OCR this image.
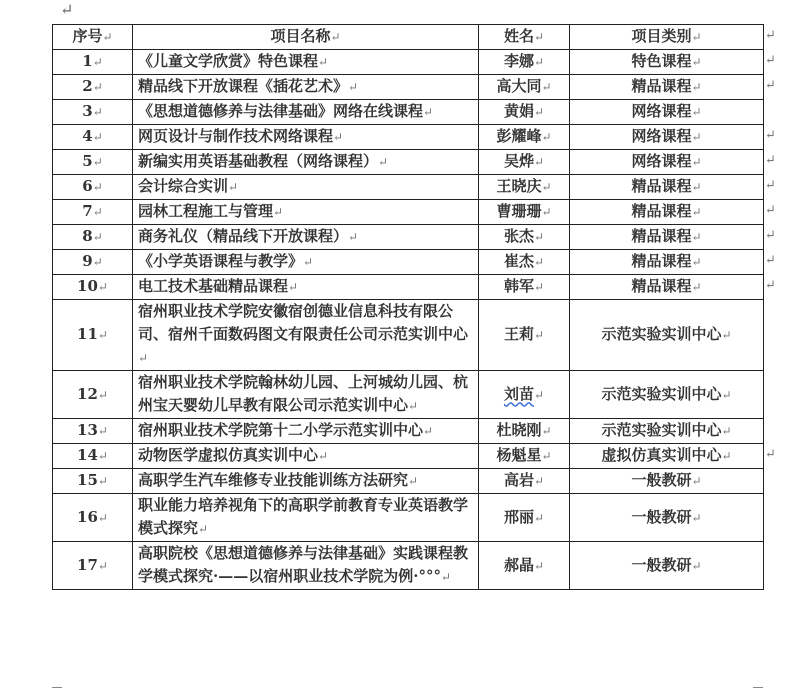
↵
序号↵	项目名称↵	姓名↵	项目类别↵
1↵	《儿童文学欣赏》特色课程↵	李娜↵	特色课程↵
2↵	精品线下开放课程《插花艺术》↵	高大同↵	精品课程↵
3↵	《思想道德修养与法律基础》网络在线课程↵	黄娟↵	网络课程↵
4↵	网页设计与制作技术网络课程↵	彭耀峰↵	网络课程↵
5↵	新编实用英语基础教程（网络课程）↵	吴烨↵	网络课程↵
6↵	会计综合实训↵	王晓庆↵	精品课程↵
7↵	园林工程施工与管理↵	曹珊珊↵	精品课程↵
8↵	商务礼仪（精品线下开放课程）↵	张杰↵	精品课程↵
9↵	《小学英语课程与教学》↵	崔杰↵	精品课程↵
10↵	电工技术基础精品课程↵	韩军↵	精品课程↵
11↵	宿州职业技术学院安徽宿创德业信息科技有限公司、宿州千面数码图文有限责任公司示范实训中心↵	王莉↵	示范实验实训中心↵
12↵	宿州职业技术学院翰林幼儿园、上河城幼儿园、杭州宝天婴幼儿早教有限公司示范实训中心↵	刘苗↵	示范实验实训中心↵
13↵	宿州职业技术学院第十二小学示范实训中心↵	杜晓刚↵	示范实验实训中心↵
14↵	动物医学虚拟仿真实训中心↵	杨魁星↵	虚拟仿真实训中心↵
15↵	高职学生汽车维修专业技能训练方法研究↵	高岩↵	一般教研↵
16↵	职业能力培养视角下的高职学前教育专业英语教学模式探究↵	邢丽↵	一般教研↵
17↵	高职院校《思想道德修养与法律基础》实践课程教学模式探究·——以宿州职业技术学院为例·°°°↵	郝晶↵	一般教研↵
↵
↵
↵
↵
↵
↵
↵
↵
↵
↵
↵
